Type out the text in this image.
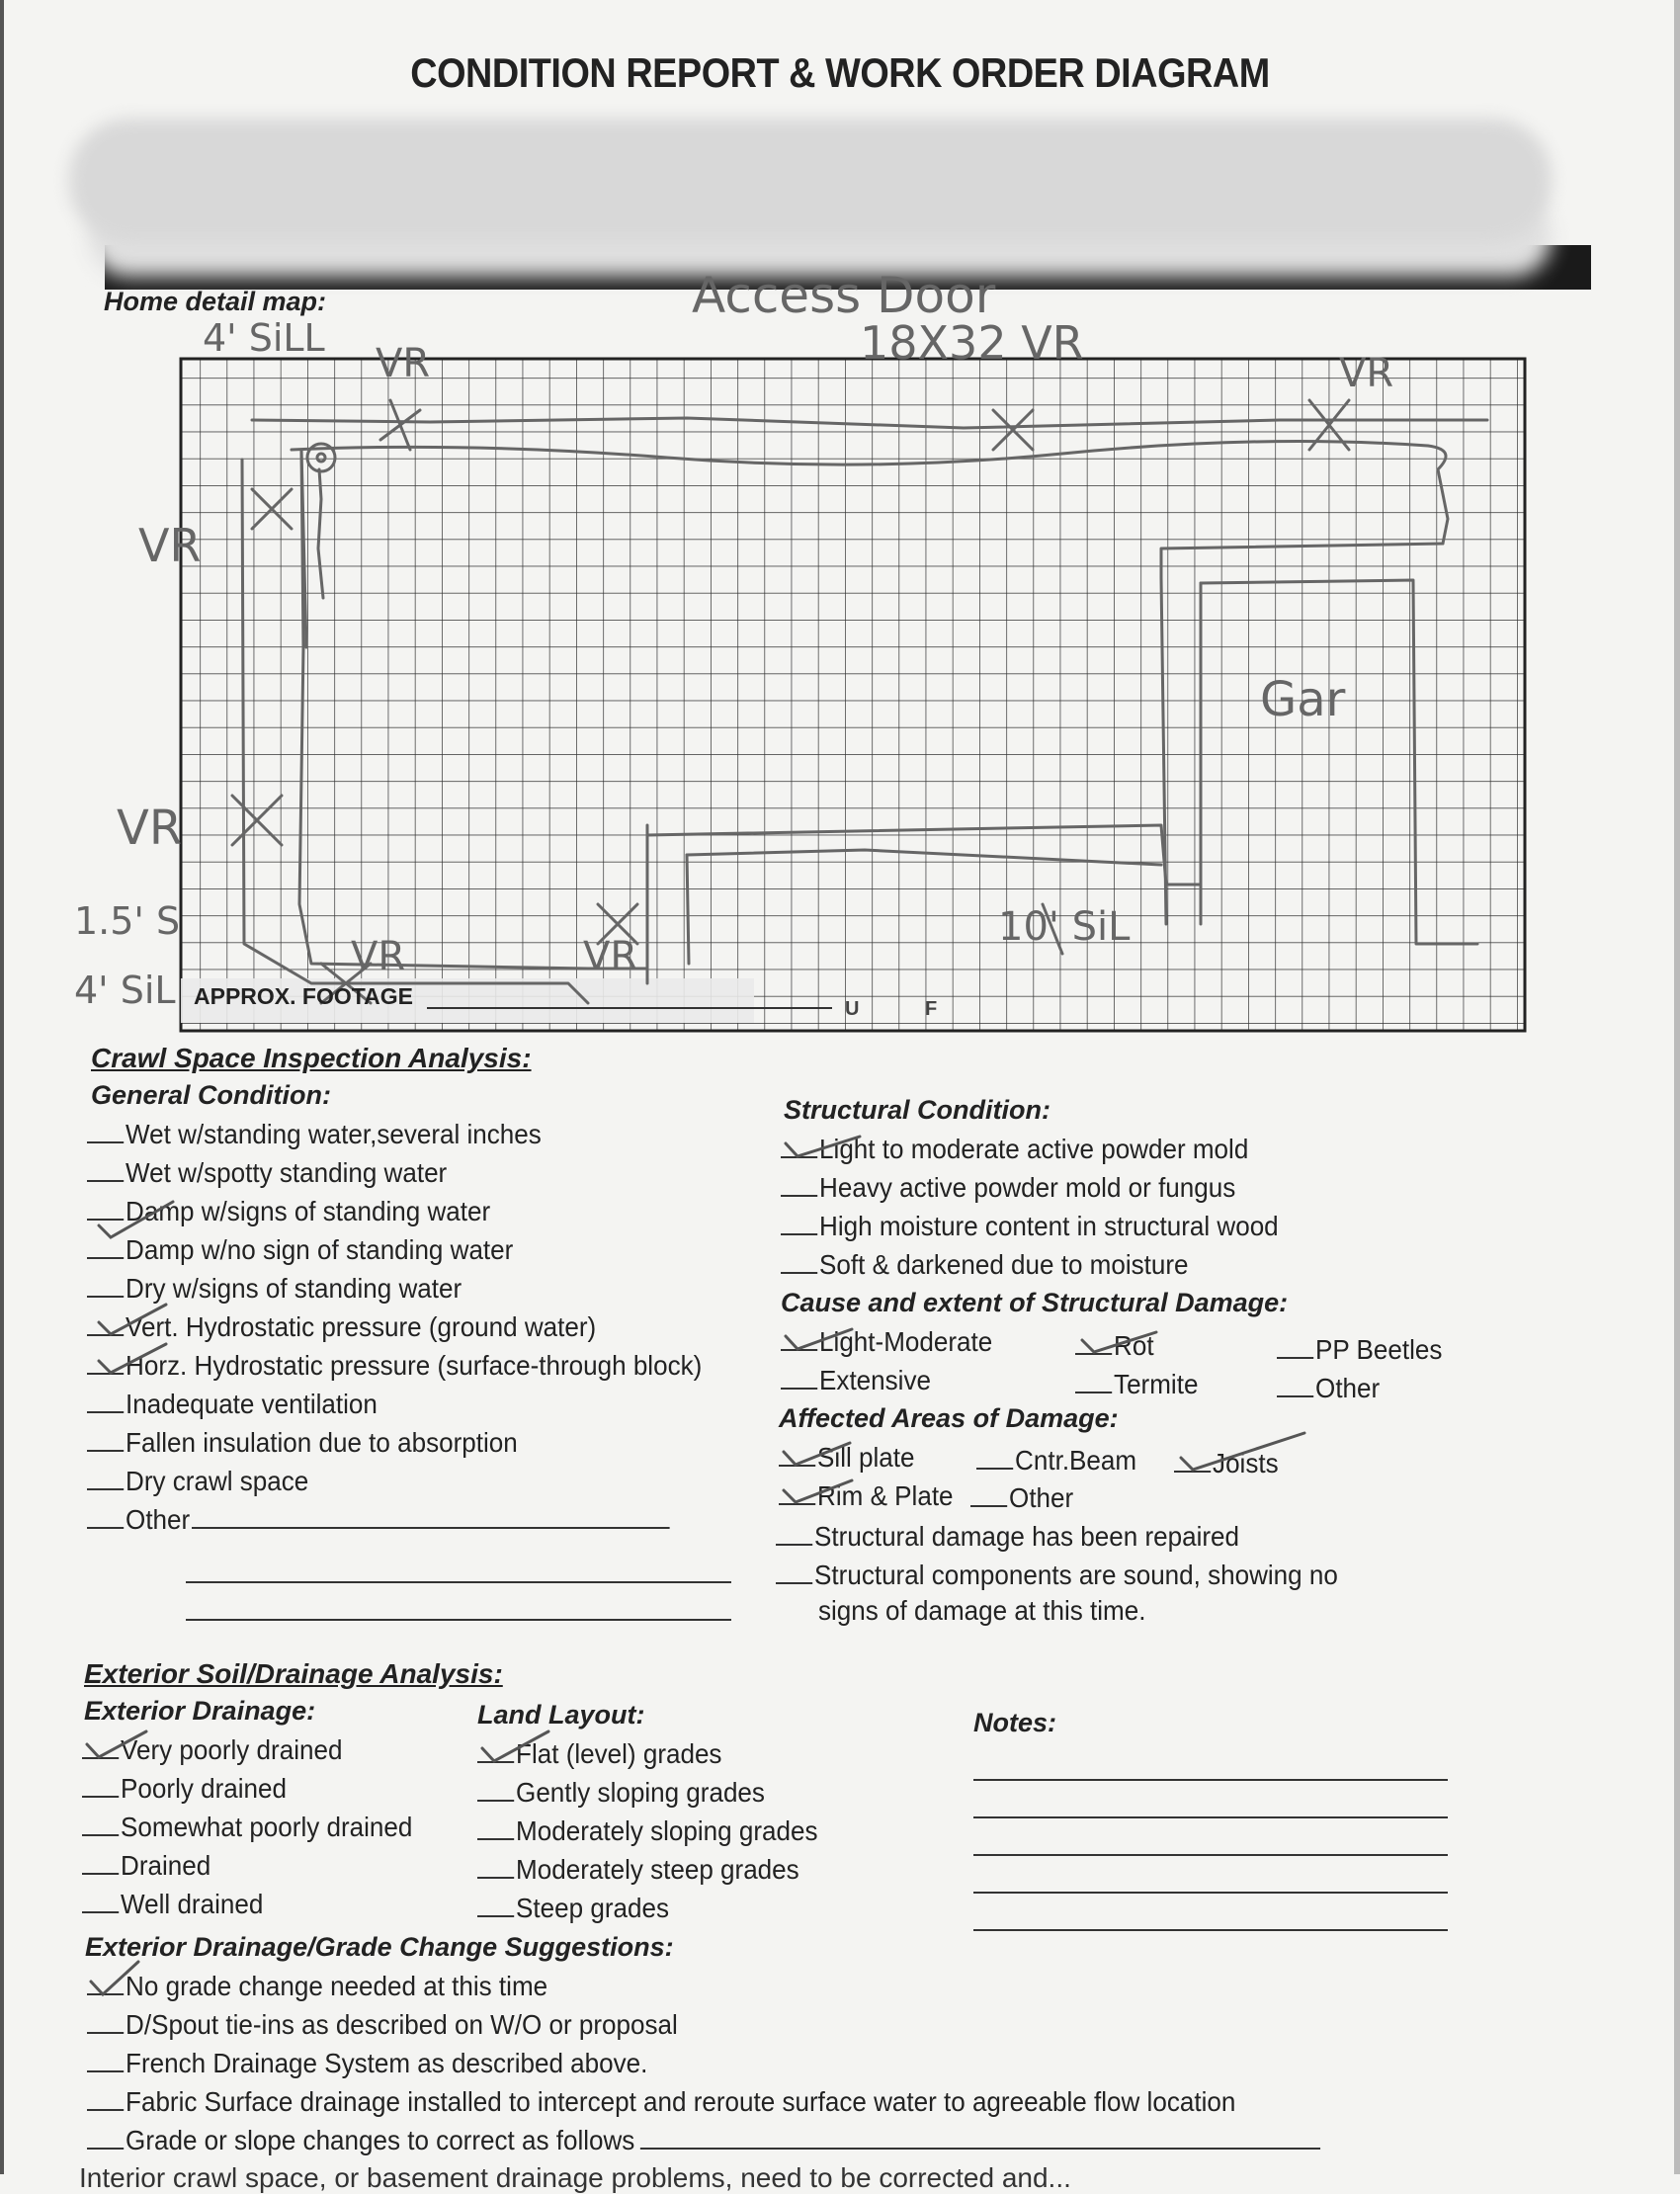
CONDITION REPORT & WORK ORDER DIAGRAM
Home detail map:	Access Door
18X32 VR
4' SiLL
VR
VR
VR
VR	VR
VR
Gar
1.5' S
4' SiL
10' SiL
APPROX. FOOTAGE	U	F
Crawl Space Inspection Analysis:
General Condition:
Wet w/standing water,several inches
Wet w/spotty standing water
Damp w/signs of standing water
Damp w/no sign of standing water
Dry w/signs of standing water
Vert. Hydrostatic pressure (ground water)
Horz. Hydrostatic pressure (surface-through block)
Inadequate ventilation
Fallen insulation due to absorption
Dry crawl space
Other
Structural Condition:
Light to moderate active powder mold
Heavy active powder mold or fungus
High moisture content in structural wood
Soft & darkened due to moisture
Cause and extent of Structural Damage:
Light-Moderate	Rot	PP Beetles
Extensive	Termite	Other
Affected Areas of Damage:
Sill plate	Cntr.Beam	Joists
Rim & Plate	Other
Structural damage has been repaired
Structural components are sound, showing no
signs of damage at this time.
Exterior Soil/Drainage Analysis:
Exterior Drainage:
Very poorly drained
Poorly drained
Somewhat poorly drained
Drained
Well drained
Land Layout:
Flat (level) grades
Gently sloping grades
Moderately sloping grades
Moderately steep grades
Steep grades
Notes:
Exterior Drainage/Grade Change Suggestions:
No grade change needed at this time
D/Spout tie-ins as described on W/O or proposal
French Drainage System as described above.
Fabric Surface drainage installed to intercept and reroute surface water to agreeable flow location
Grade or slope changes to correct as follows
Interior crawl space, or basement drainage problems, need to be corrected and...
